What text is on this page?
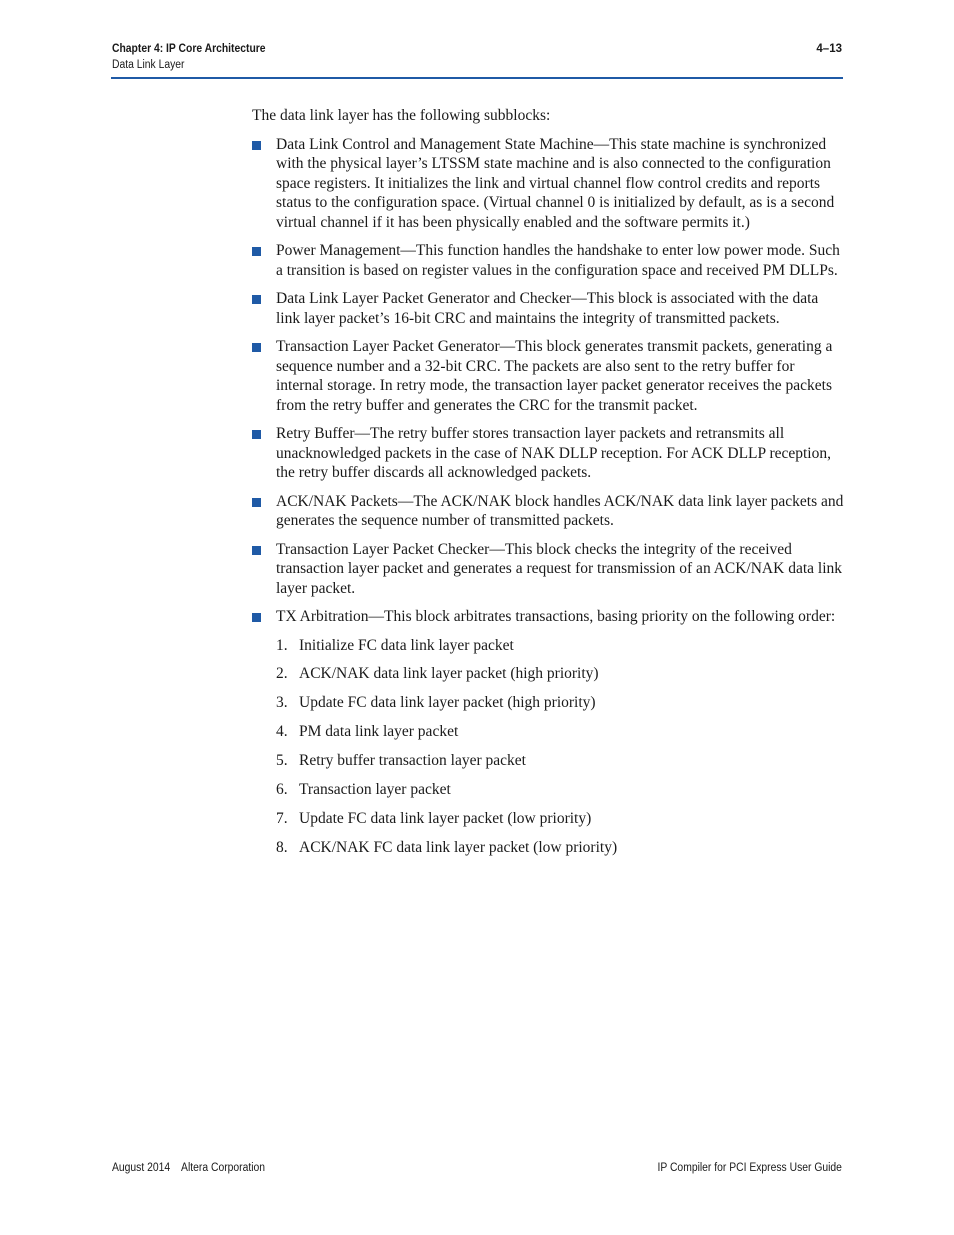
Chapter 4: IP Core Architecture
Data Link Layer
4–13

The data link layer has the following subblocks:

Data Link Control and Management State Machine—This state machine is synchronized with the physical layer’s LTSSM state machine and is also connected to the configuration space registers. It initializes the link and virtual channel flow control credits and reports status to the configuration space. (Virtual channel 0 is initialized by default, as is a second virtual channel if it has been physically enabled and the software permits it.)
Power Management—This function handles the handshake to enter low power mode. Such a transition is based on register values in the configuration space and received PM DLLPs.
Data Link Layer Packet Generator and Checker—This block is associated with the data link layer packet’s 16-bit CRC and maintains the integrity of transmitted packets.
Transaction Layer Packet Generator—This block generates transmit packets, generating a sequence number and a 32-bit CRC. The packets are also sent to the retry buffer for internal storage. In retry mode, the transaction layer packet generator receives the packets from the retry buffer and generates the CRC for the transmit packet.
Retry Buffer—The retry buffer stores transaction layer packets and retransmits all unacknowledged packets in the case of NAK DLLP reception. For ACK DLLP reception, the retry buffer discards all acknowledged packets.
ACK/NAK Packets—The ACK/NAK block handles ACK/NAK data link layer packets and generates the sequence number of transmitted packets.
Transaction Layer Packet Checker—This block checks the integrity of the received transaction layer packet and generates a request for transmission of an ACK/NAK data link layer packet.
TX Arbitration—This block arbitrates transactions, basing priority on the following order:
1. Initialize FC data link layer packet
2. ACK/NAK data link layer packet (high priority)
3. Update FC data link layer packet (high priority)
4. PM data link layer packet
5. Retry buffer transaction layer packet
6. Transaction layer packet
7. Update FC data link layer packet (low priority)
8. ACK/NAK FC data link layer packet (low priority)
August 2014    Altera Corporation	IP Compiler for PCI Express User Guide
